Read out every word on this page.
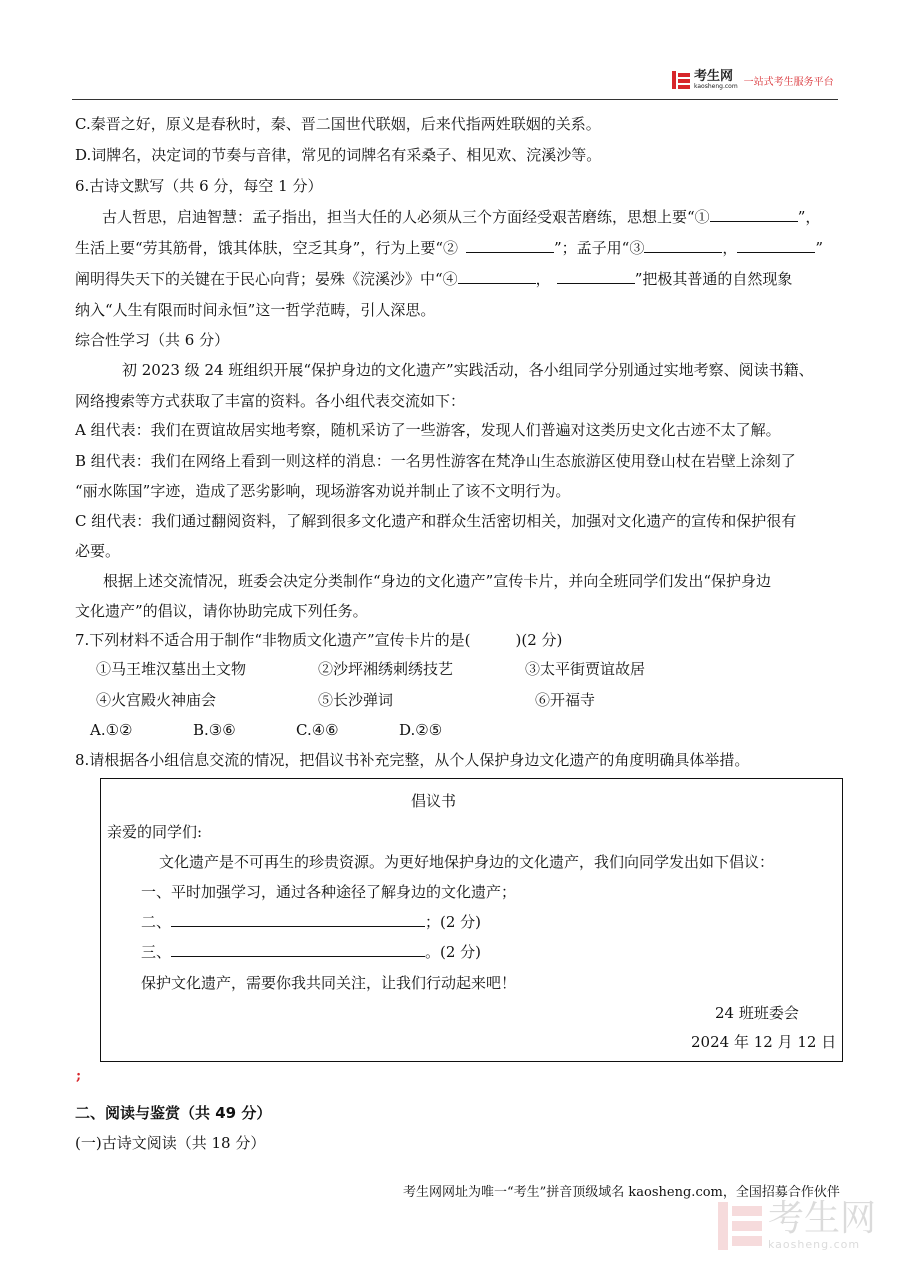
考生网
kaosheng.com 一站式考生服务平台
C.秦晋之好，原义是春秋时，秦、晋二国世代联姻，后来代指两姓联姻的关系。
D.词牌名，决定词的节奏与音律，常见的词牌名有采桑子、相见欢、浣溪沙等。
6.古诗文默写（共 6 分，每空 1 分）
古人哲思，启迪智慧：孟子指出，担当大任的人必须从三个方面经受艰苦磨练，思想上要“①	”，
生活上要“劳其筋骨，饿其体肤，空乏其身”，行为上要“②	”；孟子用“③	，	”
阐明得失天下的关键在于民心向背；晏殊《浣溪沙》中“④	，	”把极其普通的自然现象
纳入“人生有限而时间永恒”这一哲学范畴，引人深思。
综合性学习（共 6 分）
初 2023 级 24 班组织开展“保护身边的文化遗产”实践活动，各小组同学分别通过实地考察、阅读书籍、
网络搜索等方式获取了丰富的资料。各小组代表交流如下：
A 组代表：我们在贾谊故居实地考察，随机采访了一些游客，发现人们普遍对这类历史文化古迹不太了解。
B 组代表：我们在网络上看到一则这样的消息：一名男性游客在梵净山生态旅游区使用登山杖在岩壁上涂刻了
“丽水陈国”字迹，造成了恶劣影响，现场游客劝说并制止了该不文明行为。
C 组代表：我们通过翻阅资料，了解到很多文化遗产和群众生活密切相关，加强对文化遗产的宣传和保护很有
必要。
根据上述交流情况，班委会决定分类制作“身边的文化遗产”宣传卡片，并向全班同学们发出“保护身边
文化遗产”的倡议，请你协助完成下列任务。
7.下列材料不适合用于制作“非物质文化遗产”宣传卡片的是(　　　)(2 分)
①马王堆汉墓出土文物	②沙坪湘绣刺绣技艺	③太平街贾谊故居
④火宫殿火神庙会	⑤长沙弹词	⑥开福寺
A.①②	B.③⑥	C.④⑥	D.②⑤
8.请根据各小组信息交流的情况，把倡议书补充完整，从个人保护身边文化遗产的角度明确具体举措。
倡议书
亲爱的同学们:
文化遗产是不可再生的珍贵资源。为更好地保护身边的文化遗产，我们向同学发出如下倡议：
一、平时加强学习，通过各种途径了解身边的文化遗产；
二、	；(2 分)
三、	。(2 分)
保护文化遗产，需要你我共同关注，让我们行动起来吧！
24 班班委会
2024 年 12 月 12 日
;
二、阅读与鉴赏（共 49 分）
(一)古诗文阅读（共 18 分）
考生网网址为唯一“考生”拼音顶级域名 kaosheng.com，全国招募合作伙伴
考生网
kaosheng.com
